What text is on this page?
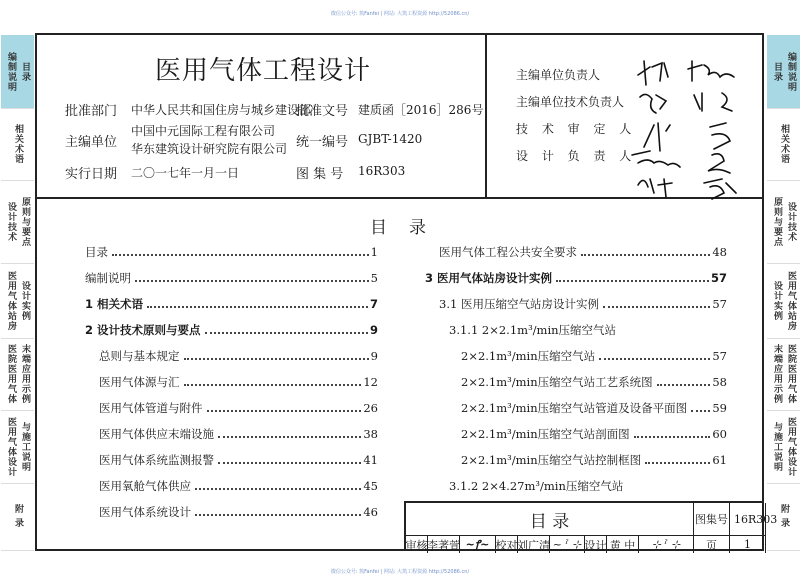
微信公众号: 筑Fanfei | 网站: 大筑工程资源 http://52086.cn/
微信公众号: 筑Fanfei | 网站: 大筑工程资源 http://52086.cn/
编制说明 目录
相关术语
设计技术 原则与要点
医用气体站房 设计实例
医院医用气体 末端应用示例
医用气体设计 与施工说明
附 录
目录 编制说明
相关术语
原则与要点 设计技术
设计实例 医用气体站房
末端应用示例 医院医用气体
与施工说明 医用气体设计
附 录
医用气体工程设计
批准部门 中华人民共和国住房与城乡建设部
批准文号 建质函［2016］286号
主编单位
中国中元国际工程有限公司
华东建筑设计研究院有限公司 统一编号 GJBT-1420
实行日期 二〇一七年一月一日	图 集 号 16R303
主编单位负责人
主编单位技术负责人
技 术 审 定 人
设 计 负 责 人
目录
目录	1
编制说明	5
1 相关术语	7
2 设计技术原则与要点	9
总则与基本规定	9
医用气体源与汇	12
医用气体管道与附件	26
医用气体供应末端设施	38
医用气体系统监测报警	41
医用氧舱气体供应	45
医用气体系统设计	46
医用气体工程公共安全要求	48
3 医用气体站房设计实例	57
3.1 医用压缩空气站房设计实例	57
3.1.1 2×2.1m³/min压缩空气站
2×2.1m³/min压缩空气站	57
2×2.1m³/min压缩空气站工艺系统图	58
2×2.1m³/min压缩空气站管道及设备平面图 59
2×2.1m³/min压缩空气站剖面图	60
2×2.1m³/min压缩空气站控制框图	61
3.1.2 2×4.27m³/min压缩空气站
目 录	图集号 16R303
审核 李著萱 ~ꝭ~ 校对 刘广清 ~ ˀ ⊹ 设计 黄 中	⊹ ˀ ⊹	页	1
